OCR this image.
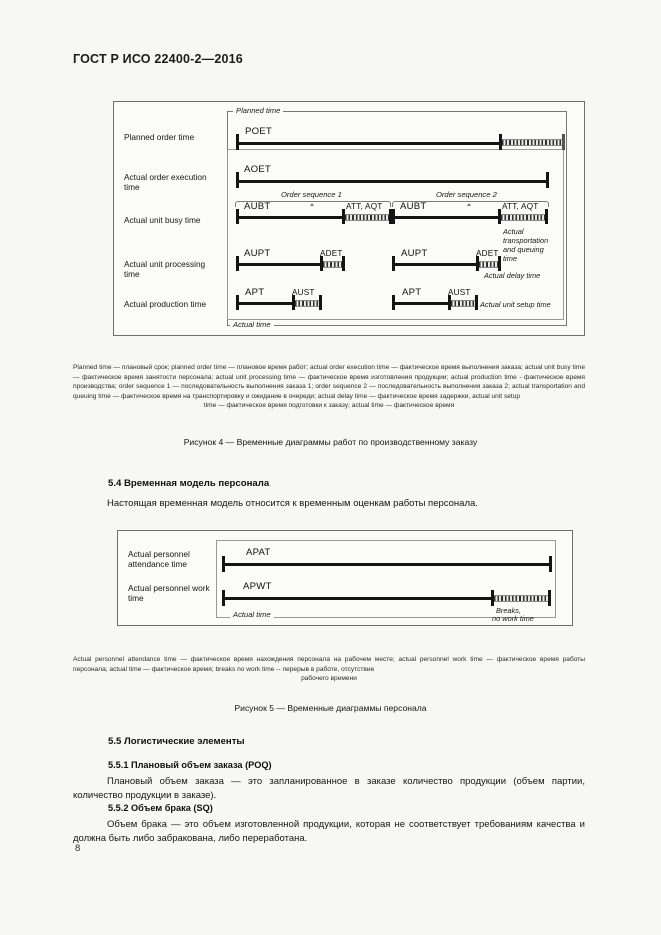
ГОСТ Р ИСО 22400-2—2016
Planned order time
Actual order execution
time
Actual unit busy time
Actual unit processing
time
Actual production time
Planned time
Actual time
POET
AOET
Order sequence 1	Order sequence 2
AUBT	ATT, AQT AUBT	ATT, AQT
Actual
transportation
and queuing
time
AUPT	ADET	AUPT	ADET
Actual delay time
APT	AUST	APT	AUST
Actual unit setup time
Planned time — плановый срок; planned order time — плановое время работ; actual order execution time — фактическое время выполнения заказа; actual unit busy time — фактическое время занятости персонала; actual unit processing time — фактическое время изготовления продукции; actual production time - фактическое время производства; order sequence 1 — последовательность выполнения заказа 1; order sequence 2 — последовательность выполнения заказа 2; actual transportation and queuing time — фактическое время на транспортировку и ожидание в очереди; actual delay time — фактическое время задержки, actual unit setup
time — фактическое время подготовки к заказу; actual time — фактическое время
Рисунок 4 — Временные диаграммы работ по производственному заказу
5.4 Временная модель персонала
Настоящая временная модель относится к временным оценкам работы персонала.
Actual personnel
attendance time
Actual personnel work
time
APAT
APWT
Actual time	Breaks,
no work time
Actual personnel attendance time — фактическое время нахождения персонала на рабочем месте; actual personnel work time — фактическое время работы персонала; actual time — фактическое время; breaks no work time -- перерыв в работе, отсутствие
рабочего времени
Рисунок 5 — Временные диаграммы персонала
5.5 Логистические элементы
5.5.1 Плановый объем заказа (POQ)
Плановый объем заказа — это запланированное в заказе количество продукции (объем партии, количество продукции в заказе).
5.5.2 Объем брака (SQ)
Объем брака — это объем изготовленной продукции, которая не соответствует требованиям качества и должна быть либо забракована, либо переработана.
8
